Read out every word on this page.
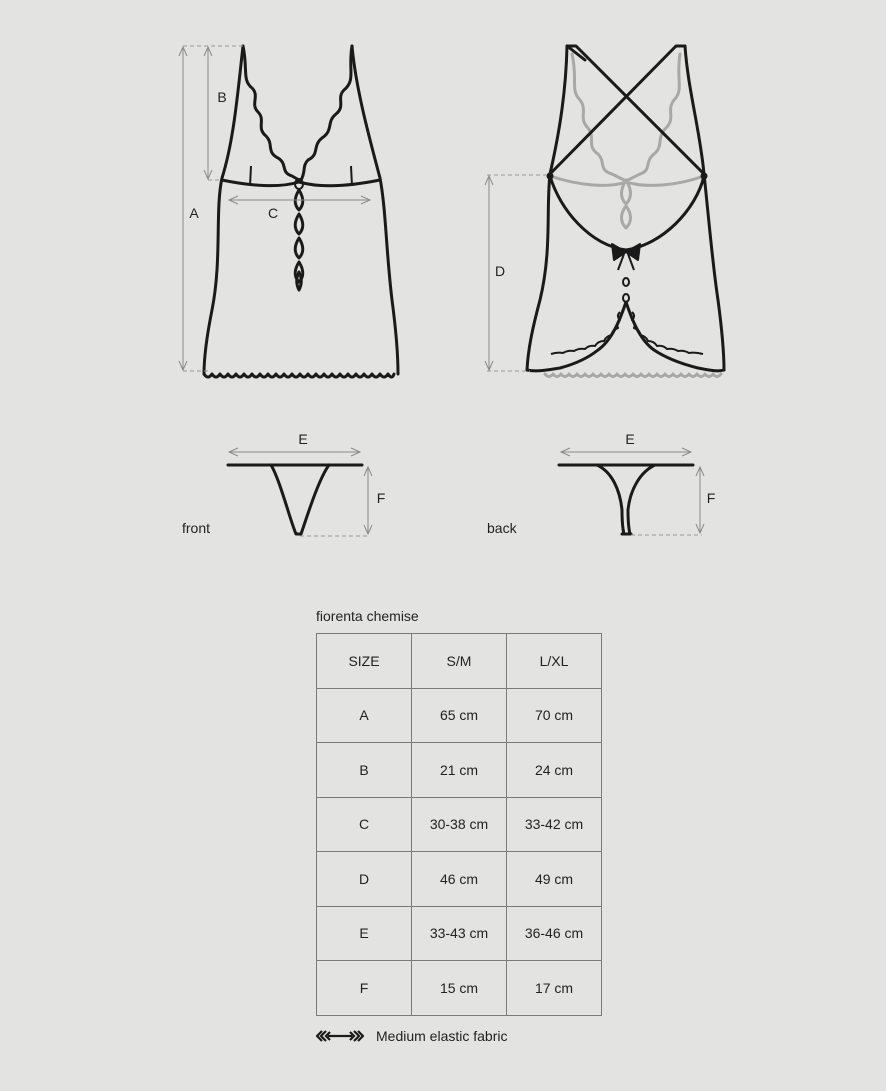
A
B
C
D
E
F
front
E
F
back
fiorenta chemise
SIZE	S/M	L/XL
A	65 cm	70 cm
B	21 cm	24 cm
C	30-38 cm	33-42 cm
D	46 cm	49 cm
E	33-43 cm	36-46 cm
F	15 cm	17 cm
Medium elastic fabric
